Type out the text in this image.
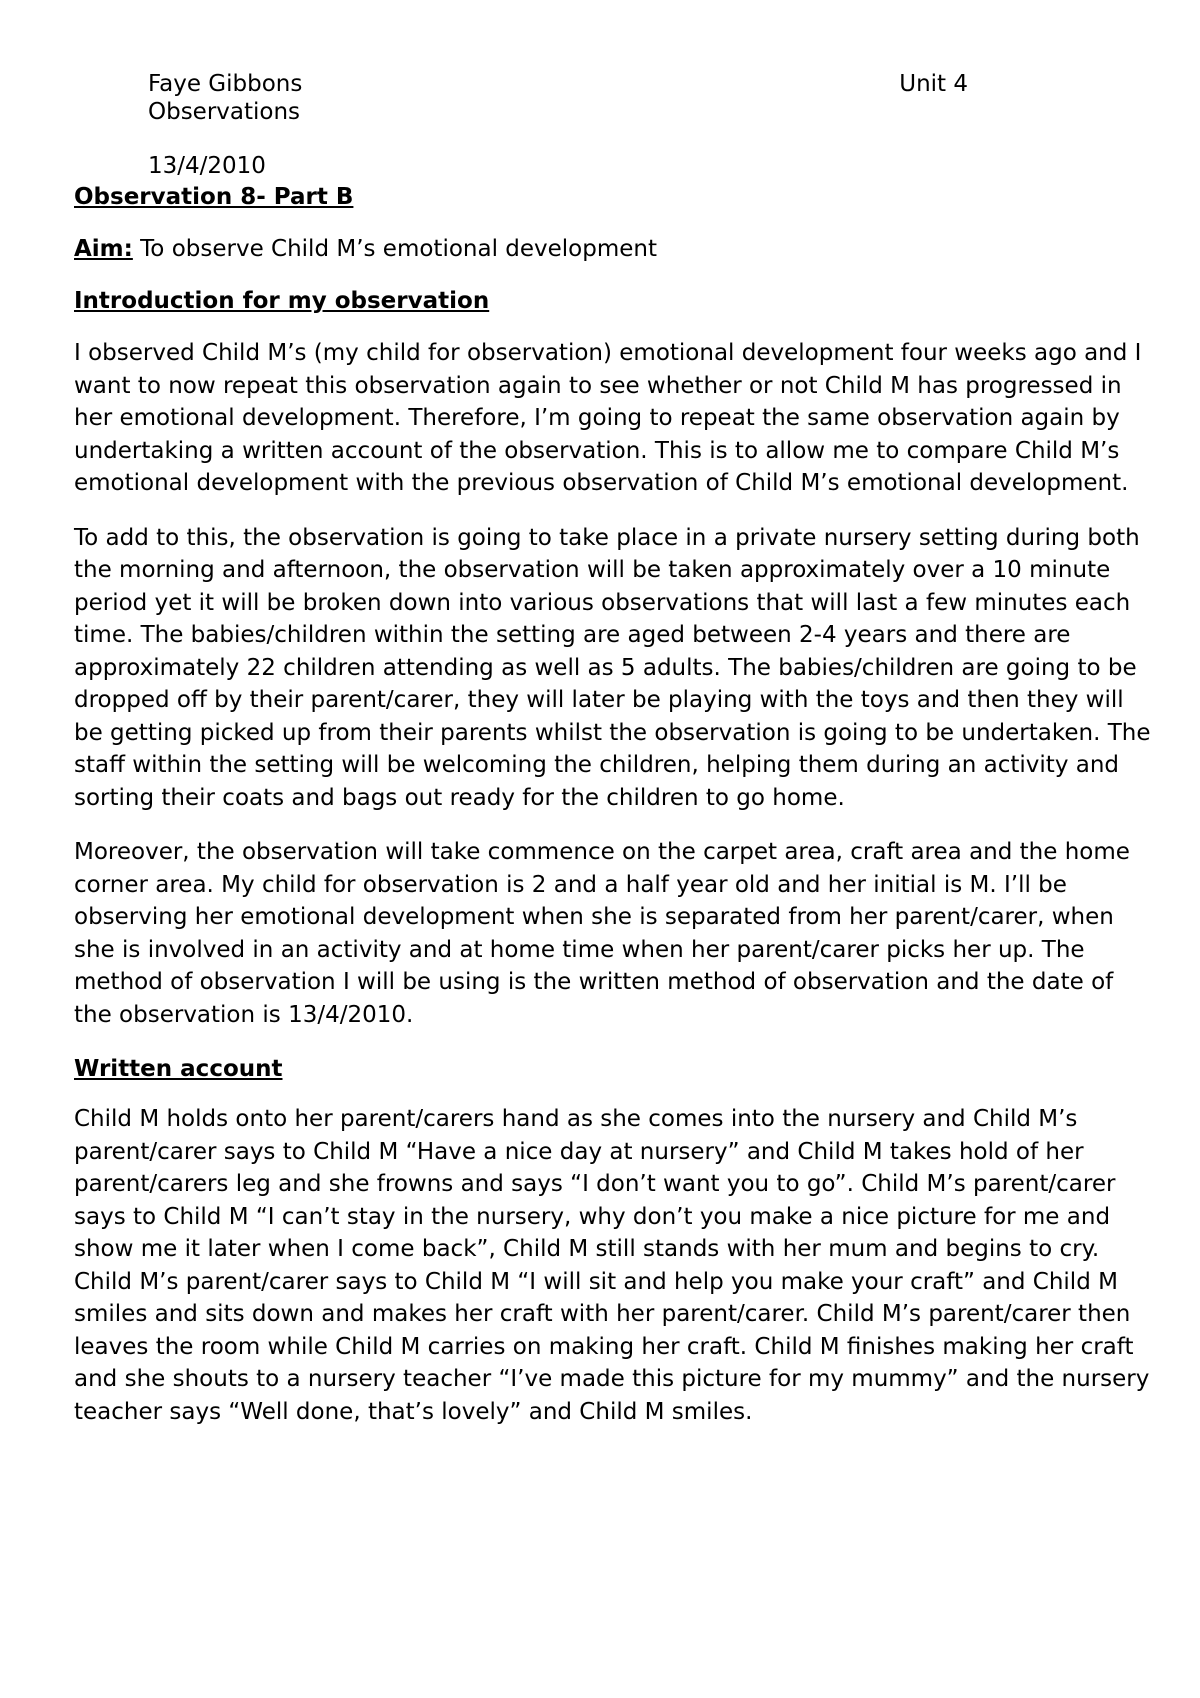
Faye Gibbons	Unit 4
Observations
13/4/2010

Observation 8- Part B

Aim: To observe Child M’s emotional development

Introduction for my observation

I observed Child M’s (my child for observation) emotional development four weeks ago and I want to now repeat this observation again to see whether or not Child M has progressed in her emotional development. Therefore, I’m going to repeat the same observation again by undertaking a written account of the observation. This is to allow me to compare Child M’s emotional development with the previous observation of Child M’s emotional development.

To add to this, the observation is going to take place in a private nursery setting during both the morning and afternoon, the observation will be taken approximately over a 10 minute period yet it will be broken down into various observations that will last a few minutes each time. The babies/children within the setting are aged between 2-4 years and there are approximately 22 children attending as well as 5 adults. The babies/children are going to be dropped off by their parent/carer, they will later be playing with the toys and then they will be getting picked up from their parents whilst the observation is going to be undertaken. The staff within the setting will be welcoming the children, helping them during an activity and sorting their coats and bags out ready for the children to go home.

Moreover, the observation will take commence on the carpet area, craft area and the home corner area. My child for observation is 2 and a half year old and her initial is M. I’ll be observing her emotional development when she is separated from her parent/carer, when she is involved in an activity and at home time when her parent/carer picks her up. The method of observation I will be using is the written method of observation and the date of the observation is 13/4/2010.

Written account

Child M holds onto her parent/carers hand as she comes into the nursery and Child M’s parent/carer says to Child M “Have a nice day at nursery” and Child M takes hold of her parent/carers leg and she frowns and says “I don’t want you to go”. Child M’s parent/carer says to Child M “I can’t stay in the nursery, why don’t you make a nice picture for me and show me it later when I come back”, Child M still stands with her mum and begins to cry. Child M’s parent/carer says to Child M “I will sit and help you make your craft” and Child M smiles and sits down and makes her craft with her parent/carer. Child M’s parent/carer then leaves the room while Child M carries on making her craft. Child M finishes making her craft and she shouts to a nursery teacher “I’ve made this picture for my mummy” and the nursery teacher says “Well done, that’s lovely” and Child M smiles.
